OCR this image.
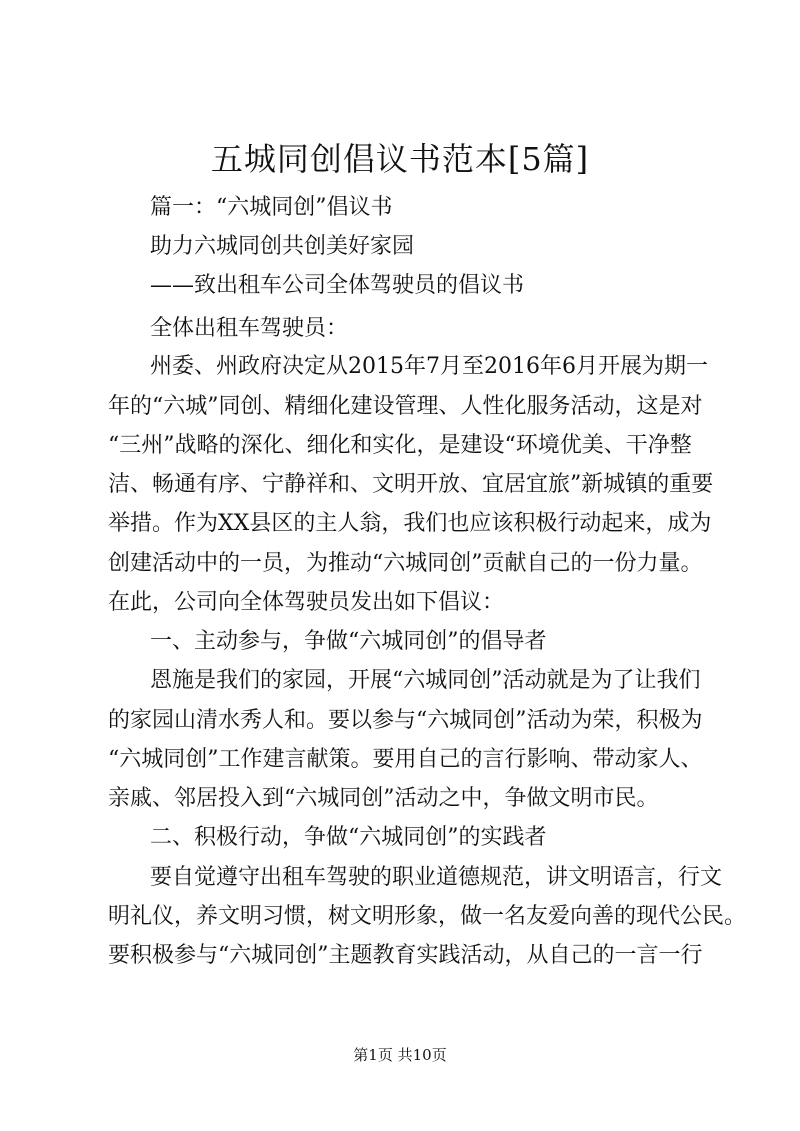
五城同创倡议书范本[5篇]
篇一：“六城同创”倡议书
助力六城同创共创美好家园
——致出租车公司全体驾驶员的倡议书
全体出租车驾驶员：
州委、州政府决定从2015年7月至2016年6月开展为期一
年的“六城”同创、精细化建设管理、人性化服务活动，这是对
“三州”战略的深化、细化和实化，是建设“环境优美、干净整
洁、畅通有序、宁静祥和、文明开放、宜居宜旅”新城镇的重要
举措。作为XX县区的主人翁，我们也应该积极行动起来，成为
创建活动中的一员，为推动“六城同创”贡献自己的一份力量。
在此，公司向全体驾驶员发出如下倡议：
一、主动参与，争做“六城同创”的倡导者
恩施是我们的家园，开展“六城同创”活动就是为了让我们
的家园山清水秀人和。要以参与“六城同创”活动为荣，积极为
“六城同创”工作建言献策。要用自己的言行影响、带动家人、
亲戚、邻居投入到“六城同创”活动之中，争做文明市民。
二、积极行动，争做“六城同创”的实践者
要自觉遵守出租车驾驶的职业道德规范，讲文明语言，行文
明礼仪，养文明习惯，树文明形象，做一名友爱向善的现代公民。
要积极参与“六城同创”主题教育实践活动，从自己的一言一行
第1页 共10页
